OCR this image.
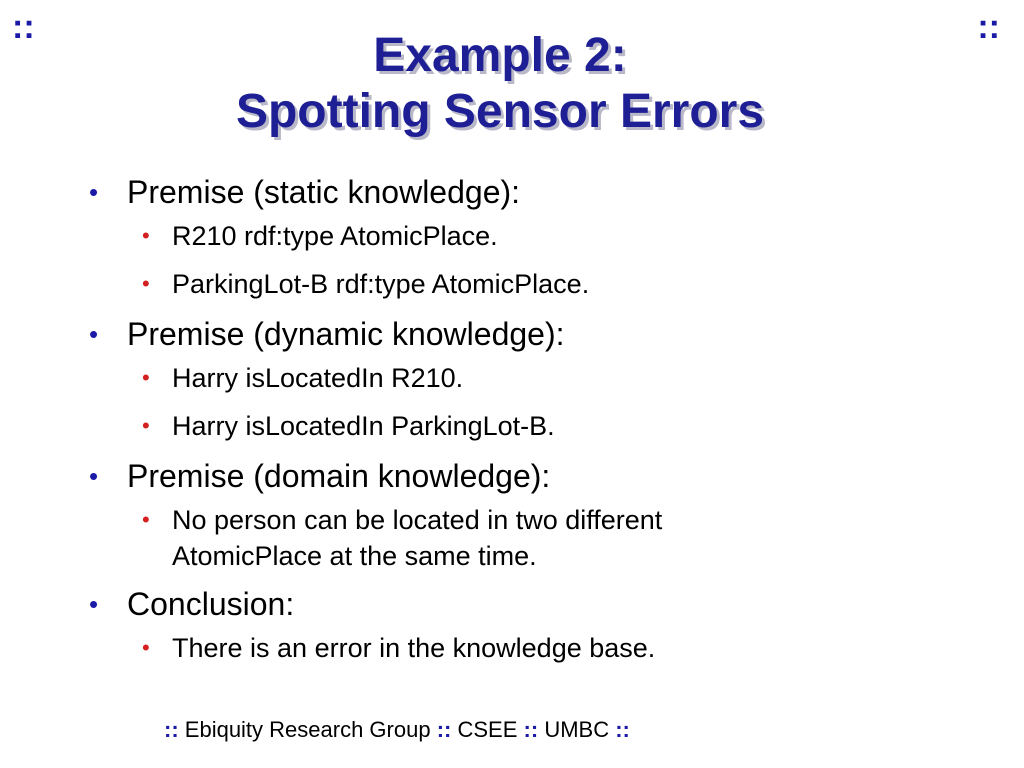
::	::
Example 2:
Spotting Sensor Errors
• Premise (static knowledge):
• R210 rdf:type AtomicPlace.
• ParkingLot-B rdf:type AtomicPlace.
• Premise (dynamic knowledge):
• Harry isLocatedIn R210.
• Harry isLocatedIn ParkingLot-B.
• Premise (domain knowledge):
• No person can be located in two different AtomicPlace at the same time.
• Conclusion:
• There is an error in the knowledge base.
:: Ebiquity Research Group :: CSEE :: UMBC ::
